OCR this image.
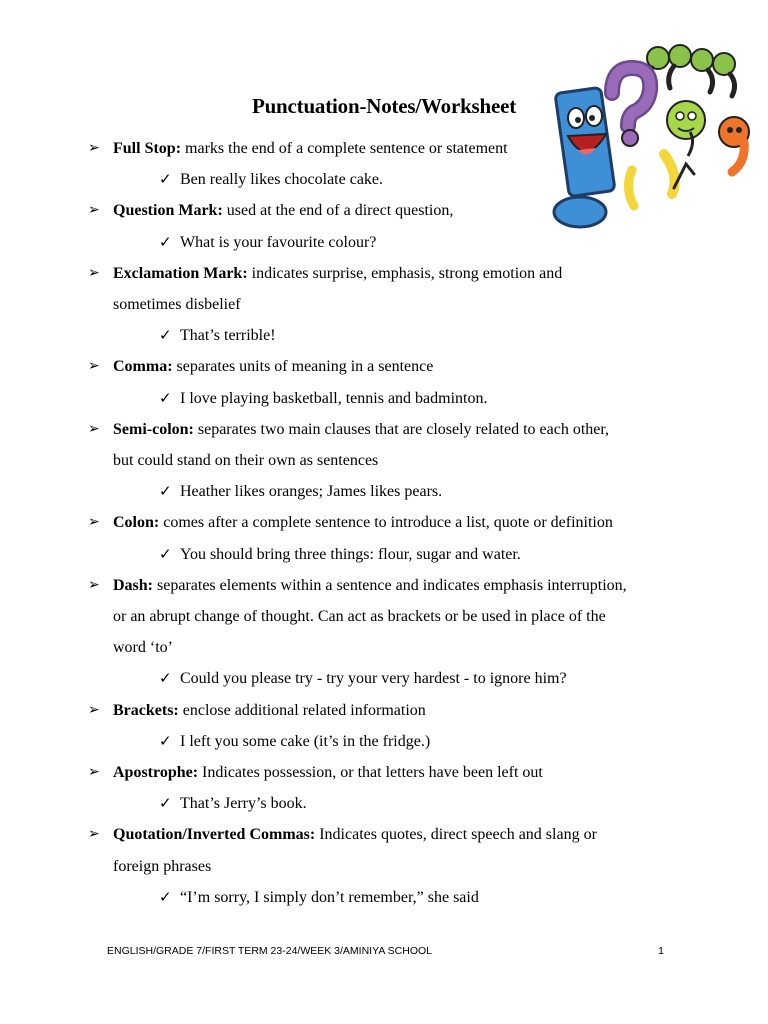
Punctuation-Notes/Worksheet
➢ Full Stop: marks the end of a complete sentence or statement
✓ Ben really likes chocolate cake.
➢ Question Mark: used at the end of a direct question,
✓ What is your favourite colour?
➢ Exclamation Mark: indicates surprise, emphasis, strong emotion and
sometimes disbelief
✓ That’s terrible!
➢ Comma: separates units of meaning in a sentence
✓ I love playing basketball, tennis and badminton.
➢ Semi-colon: separates two main clauses that are closely related to each other,
but could stand on their own as sentences
✓ Heather likes oranges; James likes pears.
➢ Colon: comes after a complete sentence to introduce a list, quote or definition
✓ You should bring three things: flour, sugar and water.
➢ Dash: separates elements within a sentence and indicates emphasis interruption,
or an abrupt change of thought. Can act as brackets or be used in place of the
word ‘to’
✓ Could you please try - try your very hardest - to ignore him?
➢ Brackets: enclose additional related information
✓ I left you some cake (it’s in the fridge.)
➢ Apostrophe: Indicates possession, or that letters have been left out
✓ That’s Jerry’s book.
➢ Quotation/Inverted Commas: Indicates quotes, direct speech and slang or
foreign phrases
✓ “I’m sorry, I simply don’t remember,” she said
ENGLISH/GRADE 7/FIRST TERM 23-24/WEEK 3/AMINIYA SCHOOL	1
